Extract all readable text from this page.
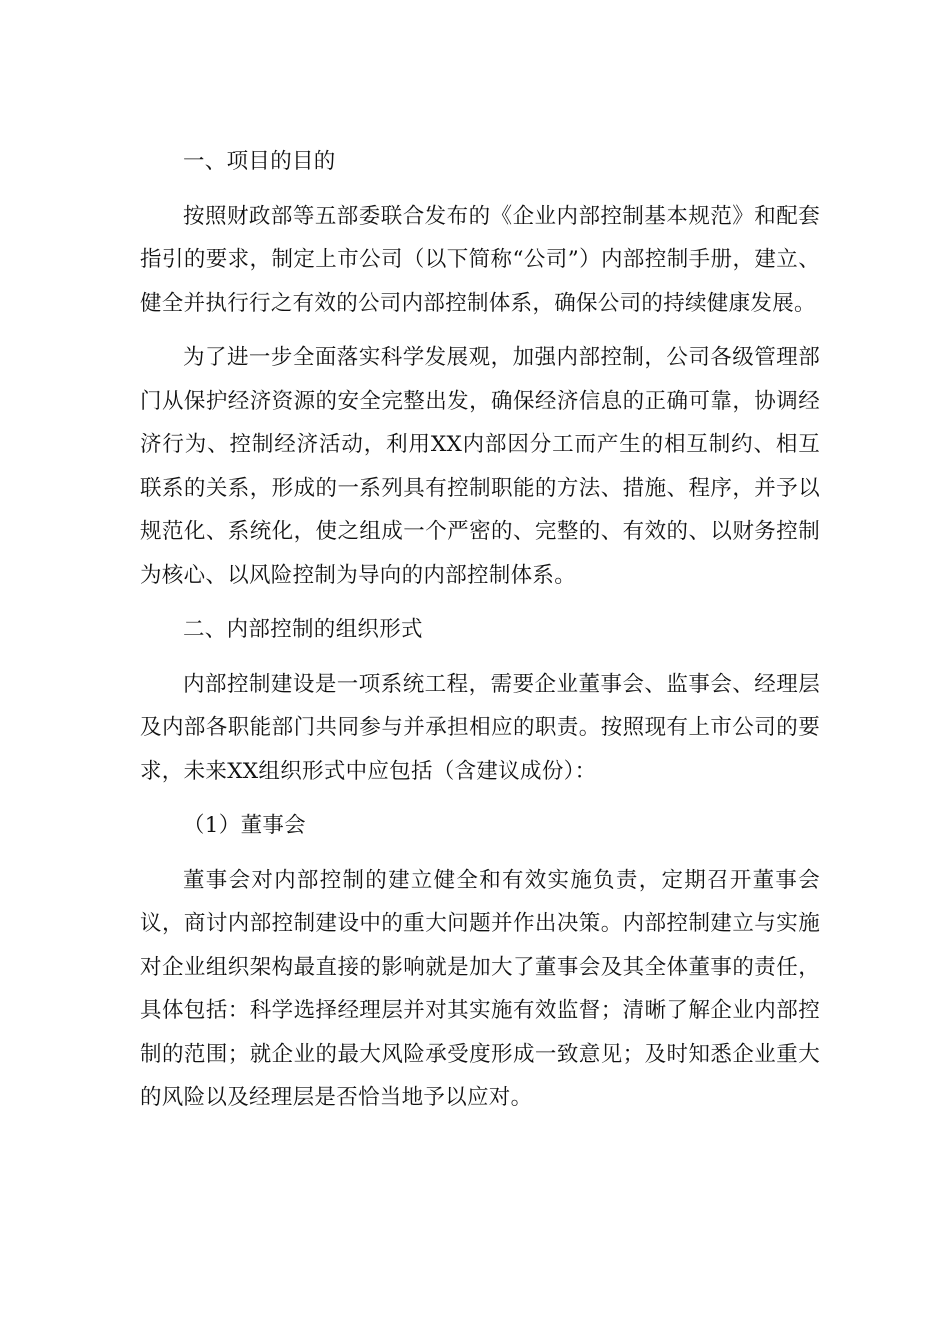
一、项目的目的

按照财政部等五部委联合发布的《企业内部控制基本规范》和配套指引的要求，制定上市公司（以下简称“公司”）内部控制手册，建立、健全并执行行之有效的公司内部控制体系，确保公司的持续健康发展。

为了进一步全面落实科学发展观，加强内部控制，公司各级管理部门从保护经济资源的安全完整出发，确保经济信息的正确可靠，协调经济行为、控制经济活动，利用XX内部因分工而产生的相互制约、相互联系的关系，形成的一系列具有控制职能的方法、措施、程序，并予以规范化、系统化，使之组成一个严密的、完整的、有效的、以财务控制为核心、以风险控制为导向的内部控制体系。

二、内部控制的组织形式

内部控制建设是一项系统工程，需要企业董事会、监事会、经理层及内部各职能部门共同参与并承担相应的职责。按照现有上市公司的要求，未来XX组织形式中应包括（含建议成份）：

（1）董事会

董事会对内部控制的建立健全和有效实施负责，定期召开董事会议，商讨内部控制建设中的重大问题并作出决策。内部控制建立与实施对企业组织架构最直接的影响就是加大了董事会及其全体董事的责任，具体包括：科学选择经理层并对其实施有效监督；清晰了解企业内部控制的范围；就企业的最大风险承受度形成一致意见；及时知悉企业重大的风险以及经理层是否恰当地予以应对。
